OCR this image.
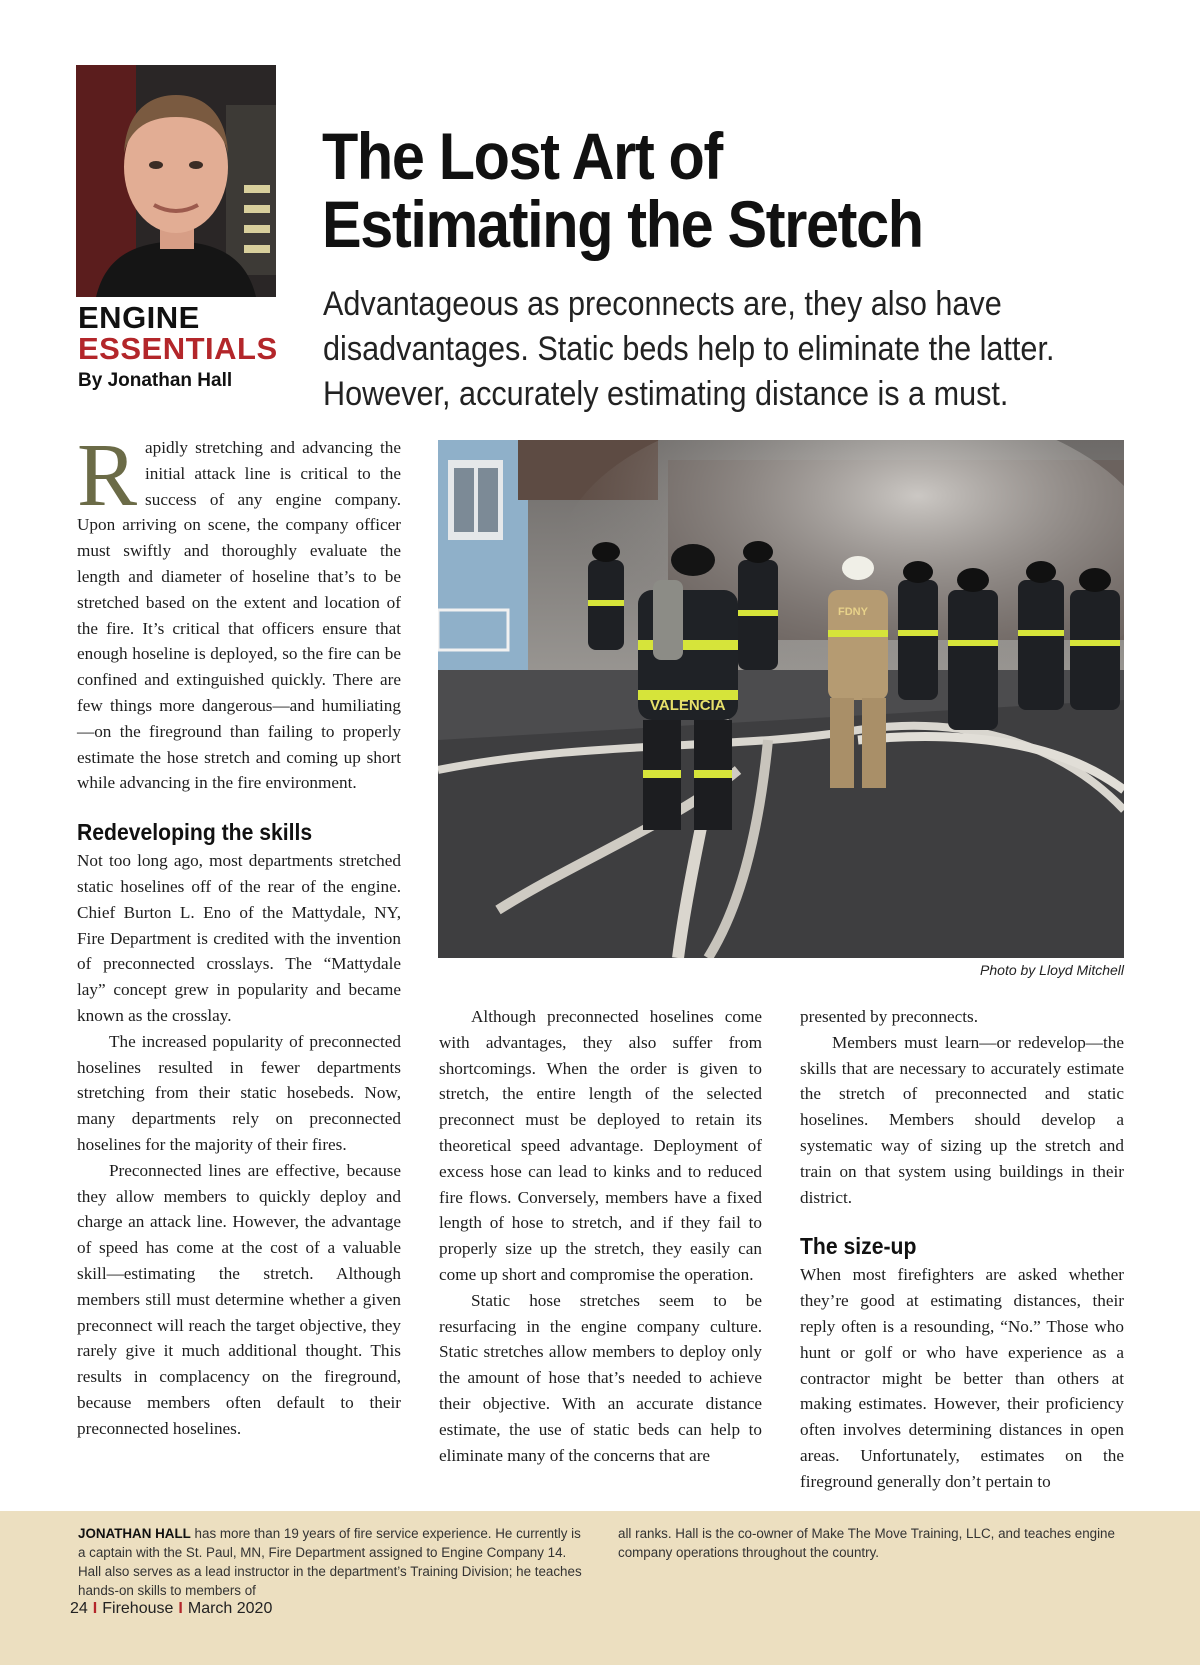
ENGINE
ESSENTIALS
By Jonathan Hall
The Lost Art of
Estimating the Stretch
Advantageous as preconnects are, they also have disadvantages. Static beds help to eliminate the latter. However, accurately estimating distance is a must.

Rapidly stretching and advancing the initial attack line is critical to the success of any engine company. Upon arriving on scene, the company officer must swiftly and thoroughly evaluate the length and diameter of hoseline that’s to be stretched based on the extent and location of the fire. It’s critical that officers ensure that enough hoseline is deployed, so the fire can be confined and extinguished quickly. There are few things more dangerous—and humiliating—on the fireground than failing to properly estimate the hose stretch and coming up short while advancing in the fire environment.

Redeveloping the skills

Not too long ago, most departments stretched static hoselines off of the rear of the engine. Chief Burton L. Eno of the Mattydale, NY, Fire Department is credited with the invention of preconnected crosslays. The “Mattydale lay” concept grew in popularity and became known as the crosslay.

The increased popularity of preconnected hoselines resulted in fewer departments stretching from their static hosebeds. Now, many departments rely on preconnected hoselines for the majority of their fires.

Preconnected lines are effective, because they allow members to quickly deploy and charge an attack line. However, the advantage of speed has come at the cost of a valuable skill—estimating the stretch. Although members still must determine whether a given preconnect will reach the target objective, they rarely give it much additional thought. This results in complacency on the fireground, because members often default to their preconnected hoselines.

VALENCIA
FDNY
Photo by Lloyd Mitchell

Although preconnected hoselines come with advantages, they also suffer from shortcomings. When the order is given to stretch, the entire length of the selected preconnect must be deployed to retain its theoretical speed advantage. Deployment of excess hose can lead to kinks and to reduced fire flows. Conversely, members have a fixed length of hose to stretch, and if they fail to properly size up the stretch, they easily can come up short and compromise the operation.

Static hose stretches seem to be resurfacing in the engine company culture. Static stretches allow members to deploy only the amount of hose that’s needed to achieve their objective. With an accurate distance estimate, the use of static beds can help to eliminate many of the concerns that are

presented by preconnects.

Members must learn—or redevelop—the skills that are necessary to accurately estimate the stretch of preconnected and static hoselines. Members should develop a systematic way of sizing up the stretch and train on that system using buildings in their district.

The size-up

When most firefighters are asked whether they’re good at estimating distances, their reply often is a resounding, “No.” Those who hunt or golf or who have experience as a contractor might be better than others at making estimates. However, their proficiency often involves determining distances in open areas. Unfortunately, estimates on the fireground generally don’t pertain to

JONATHAN HALL has more than 19 years of fire service experience. He currently is a captain with the St. Paul, MN, Fire Department assigned to Engine Company 14. Hall also serves as a lead instructor in the department’s Training Division; he teaches hands-on skills to members of
all ranks. Hall is the co-owner of Make The Move Training, LLC, and teaches engine company operations throughout the country.
24 I Firehouse I March 2020
